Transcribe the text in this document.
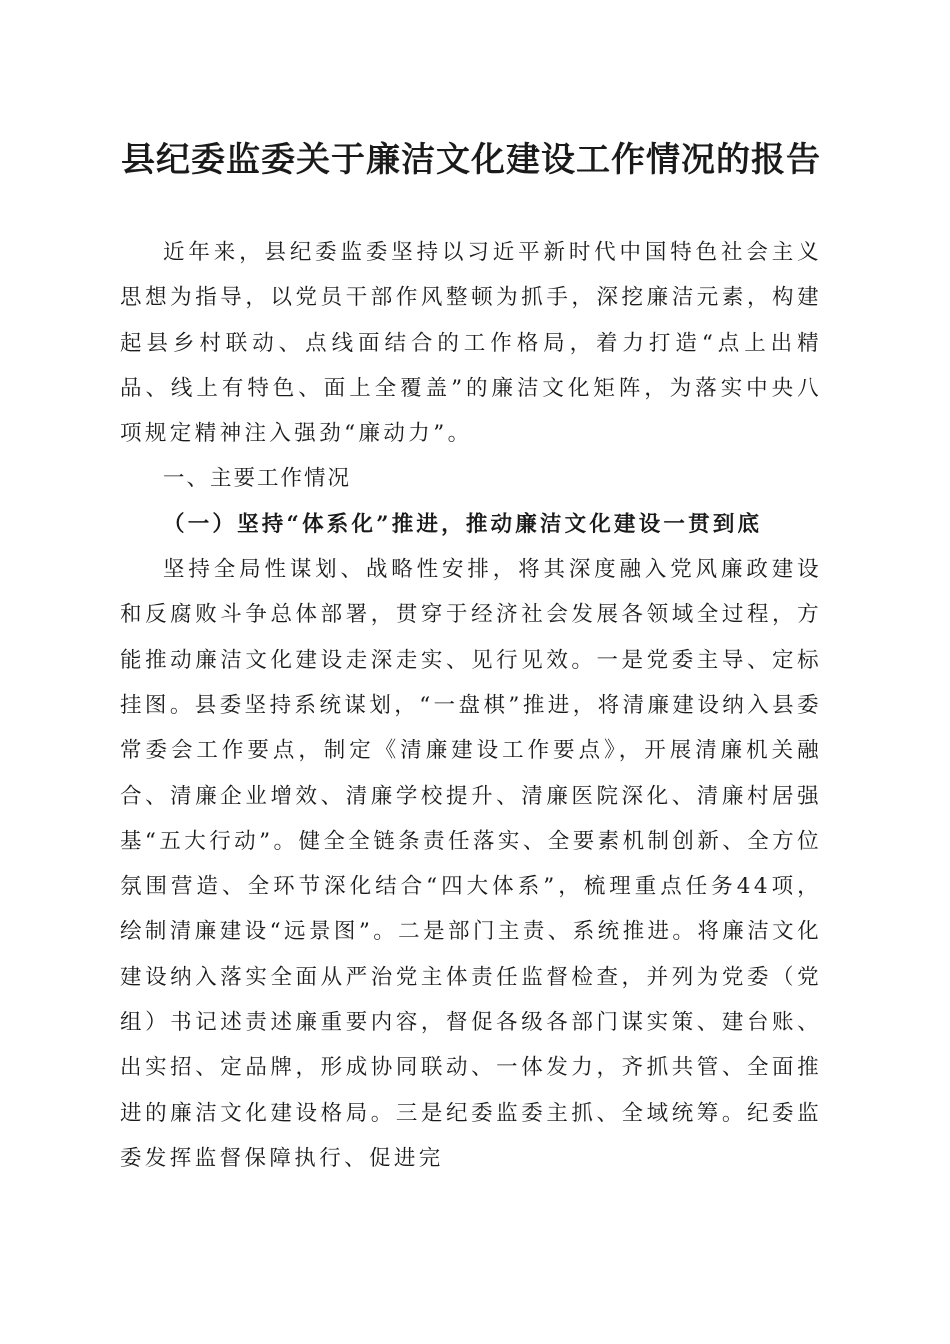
县纪委监委关于廉洁文化建设工作情况的报告

近年来，县纪委监委坚持以习近平新时代中国特色社会主义思想为指导，以党员干部作风整顿为抓手，深挖廉洁元素，构建起县乡村联动、点线面结合的工作格局，着力打造“点上出精品、线上有特色、面上全覆盖”的廉洁文化矩阵，为落实中央八项规定精神注入强劲“廉动力”。

一、主要工作情况

（一）坚持“体系化”推进，推动廉洁文化建设一贯到底

坚持全局性谋划、战略性安排，将其深度融入党风廉政建设和反腐败斗争总体部署，贯穿于经济社会发展各领域全过程，方能推动廉洁文化建设走深走实、见行见效。一是党委主导、定标挂图。县委坚持系统谋划，“一盘棋”推进，将清廉建设纳入县委常委会工作要点，制定《清廉建设工作要点》，开展清廉机关融合、清廉企业增效、清廉学校提升、清廉医院深化、清廉村居强基“五大行动”。健全全链条责任落实、全要素机制创新、全方位氛围营造、全环节深化结合“四大体系”，梳理重点任务44项，绘制清廉建设“远景图”。二是部门主责、系统推进。将廉洁文化建设纳入落实全面从严治党主体责任监督检查，并列为党委（党组）书记述责述廉重要内容，督促各级各部门谋实策、建台账、出实招、定品牌，形成协同联动、一体发力，齐抓共管、全面推进的廉洁文化建设格局。三是纪委监委主抓、全域统筹。纪委监委发挥监督保障执行、促进完
